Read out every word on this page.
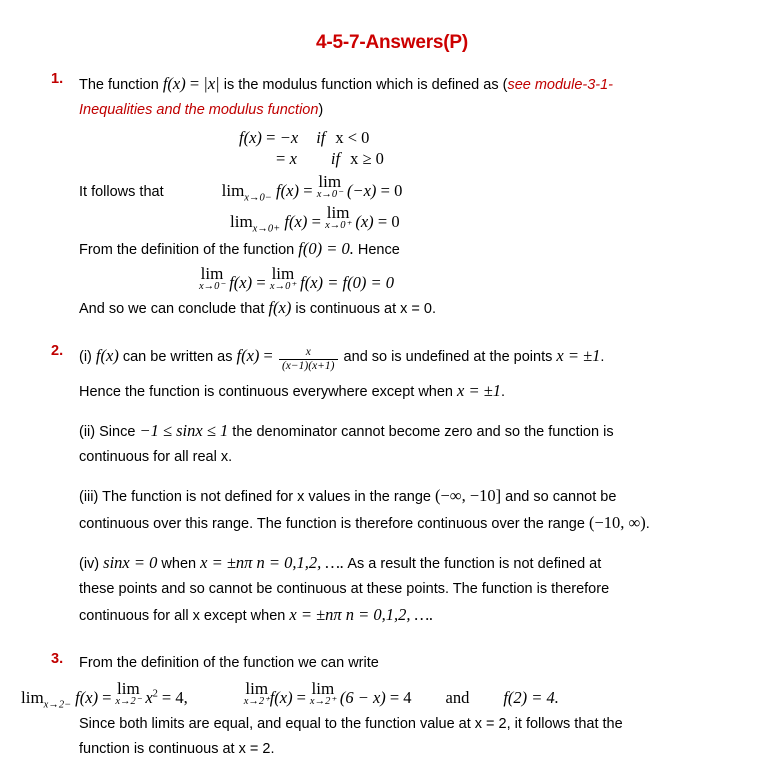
4-5-7-Answers(P)
1.	The function f(x) = |x| is the modulus function which is defined as (see module-3-1-
Inequalities and the modulus function)
f(x) = −x if x < 0
= x if x ≥ 0
It follows that	$\lim_{x\to 0-} f(x) = \lim$
x→0⁻ (−x) = 0
$\lim_{x\to 0+} f(x) = \lim$
x→0⁺ (x) = 0
From the definition of the function f(0) = 0. Hence
lim
x→0⁻ f(x) = lim
x→0⁺ f(x) = f(0) = 0
And so we can conclude that f(x) is continuous at x = 0.
2.	(i) f(x) can be written as $f(x) = \frac{x}{(x-1)(x+1)}$ and so is undefined at the points x = ±1.
Hence the function is continuous everywhere except when x = ±1.
(ii) Since −1 ≤ sinx ≤ 1 the denominator cannot become zero and so the function is
continuous for all real x.
(iii) The function is not defined for x values in the range (−∞, −10] and so cannot be
continuous over this range. The function is therefore continuous over the range (−10, ∞).
(iv) sinx = 0 when x = ±nπ n = 0,1,2, …. As a result the function is not defined at
these points and so cannot be continuous at these points. The function is therefore
continuous for all x except when x = ±nπ n = 0,1,2, ….
3.	From the definition of the function we can write
$\lim_{x\to 2-} f(x) = \lim$
x→2⁻ $x^2 = 4$,	lim
x→2⁺ f(x) = lim
x→2⁺ (6 − x) = 4 and f(2) = 4.
Since both limits are equal, and equal to the function value at x = 2, it follows that the
function is continuous at x = 2.
